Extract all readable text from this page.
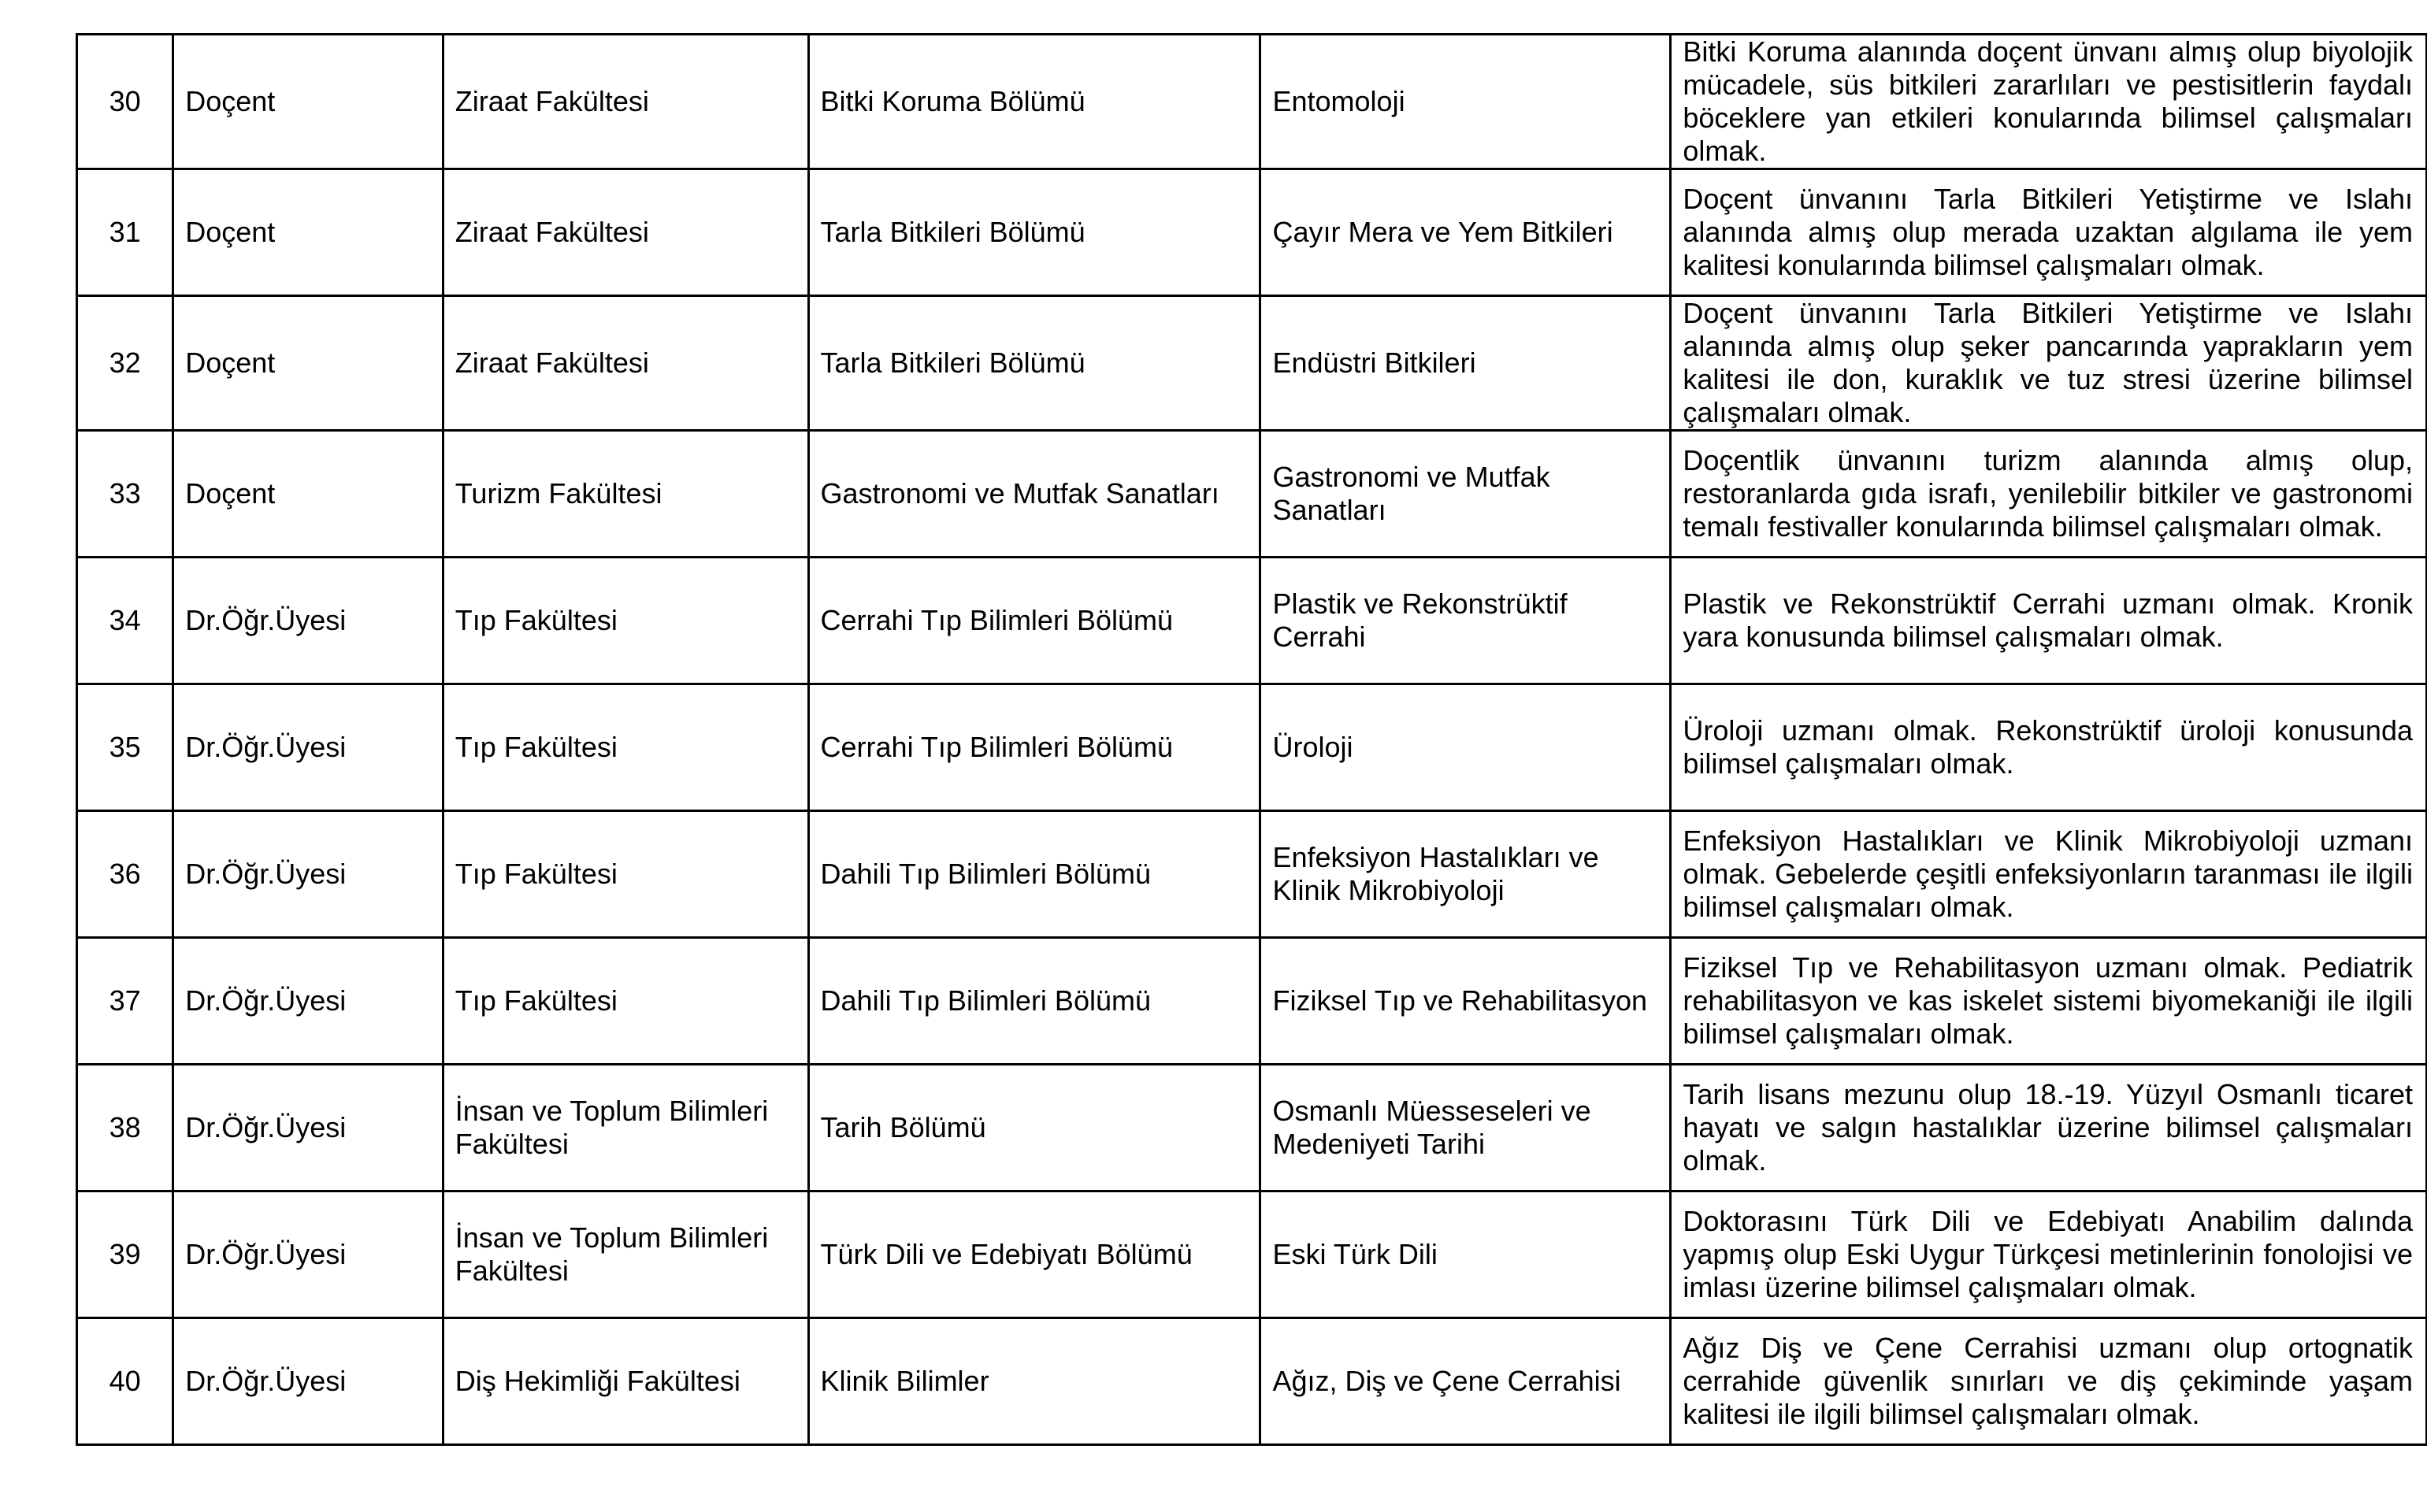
30	Doçent	Ziraat Fakültesi	Bitki Koruma Bölümü	Entomoloji	Bitki Koruma alanında doçent ünvanı almış olup biyolojik mücadele, süs bitkileri zararlıları ve pestisitlerin faydalı böceklere yan etkileri konularında bilimsel çalışmaları olmak.
31	Doçent	Ziraat Fakültesi	Tarla Bitkileri Bölümü	Çayır Mera ve Yem Bitkileri	Doçent ünvanını Tarla Bitkileri Yetiştirme ve Islahı alanında almış olup merada uzaktan algılama ile yem kalitesi konularında bilimsel çalışmaları olmak.
32	Doçent	Ziraat Fakültesi	Tarla Bitkileri Bölümü	Endüstri Bitkileri	Doçent ünvanını Tarla Bitkileri Yetiştirme ve Islahı alanında almış olup şeker pancarında yaprakların yem kalitesi ile don, kuraklık ve tuz stresi üzerine bilimsel çalışmaları olmak.
33	Doçent	Turizm Fakültesi	Gastronomi ve Mutfak Sanatları	Gastronomi ve Mutfak Sanatları	Doçentlik ünvanını turizm alanında almış olup, restoranlarda gıda israfı, yenilebilir bitkiler ve gastronomi temalı festivaller konularında bilimsel çalışmaları olmak.
34	Dr.Öğr.Üyesi	Tıp Fakültesi	Cerrahi Tıp Bilimleri Bölümü	Plastik ve Rekonstrüktif Cerrahi	Plastik ve Rekonstrüktif Cerrahi uzmanı olmak. Kronik yara konusunda bilimsel çalışmaları olmak.
35	Dr.Öğr.Üyesi	Tıp Fakültesi	Cerrahi Tıp Bilimleri Bölümü	Üroloji	Üroloji uzmanı olmak. Rekonstrüktif üroloji konusunda bilimsel çalışmaları olmak.
36	Dr.Öğr.Üyesi	Tıp Fakültesi	Dahili Tıp Bilimleri Bölümü	Enfeksiyon Hastalıkları ve Klinik Mikrobiyoloji	Enfeksiyon Hastalıkları ve Klinik Mikrobiyoloji uzmanı olmak. Gebelerde çeşitli enfeksiyonların taranması ile ilgili bilimsel çalışmaları olmak.
37	Dr.Öğr.Üyesi	Tıp Fakültesi	Dahili Tıp Bilimleri Bölümü	Fiziksel Tıp ve Rehabilitasyon	Fiziksel Tıp ve Rehabilitasyon uzmanı olmak. Pediatrik rehabilitasyon ve kas iskelet sistemi biyomekaniği ile ilgili bilimsel çalışmaları olmak.
38	Dr.Öğr.Üyesi	İnsan ve Toplum Bilimleri Fakültesi	Tarih Bölümü	Osmanlı Müesseseleri ve Medeniyeti Tarihi	Tarih lisans mezunu olup 18.-19. Yüzyıl Osmanlı ticaret hayatı ve salgın hastalıklar üzerine bilimsel çalışmaları olmak.
39	Dr.Öğr.Üyesi	İnsan ve Toplum Bilimleri Fakültesi	Türk Dili ve Edebiyatı Bölümü	Eski Türk Dili	Doktorasını Türk Dili ve Edebiyatı Anabilim dalında yapmış olup Eski Uygur Türkçesi metinlerinin fonolojisi ve imlası üzerine bilimsel çalışmaları olmak.
40	Dr.Öğr.Üyesi	Diş Hekimliği Fakültesi	Klinik Bilimler	Ağız, Diş ve Çene Cerrahisi	Ağız Diş ve Çene Cerrahisi uzmanı olup ortognatik cerrahide güvenlik sınırları ve diş çekiminde yaşam kalitesi ile ilgili bilimsel çalışmaları olmak.
